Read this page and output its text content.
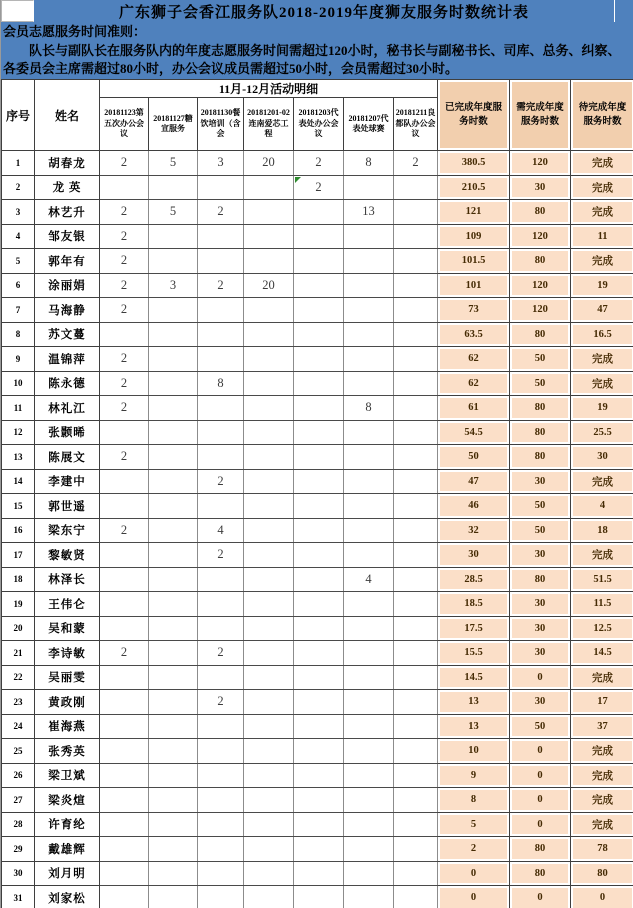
广东狮子会香江服务队2018-2019年度狮友服务时数统计表
会员志愿服务时间准则：
队长与副队长在服务队内的年度志愿服务时间需超过120小时，秘书长与副秘书长、司库、总务、纠察、各委员会主席需超过80小时，办公会议成员需超过50小时，会员需超过30小时。
序号	姓名	11月-12月活动明细							已完成年度服务时数	需完成年度服务时数	待完成年度服务时数
		20181123第五次办公会议	20181127糖宣服务	20181130餐饮培训（含会	20181201-02连南爱芯工程	20181203代表处办公会议	20181207代表处球赛	20181211良都队办公会议			
1	胡春龙	2	5	3	20	2	8	2	380.5	120	完成
2	龙 英					2			210.5	30	完成
3	林艺升	2	5	2			13		121	80	完成
4	邹友银	2							109	120	11
5	郭年有	2							101.5	80	完成
6	涂丽娟	2	3	2	20				101	120	19
7	马海静	2							73	120	47
8	苏文蔓								63.5	80	16.5
9	温锦萍	2							62	50	完成
10	陈永德	2		8					62	50	完成
11	林礼江	2					8		61	80	19
12	张颢晞								54.5	80	25.5
13	陈展文	2							50	80	30
14	李建中			2					47	30	完成
15	郭世遥								46	50	4
16	梁东宁	2		4					32	50	18
17	黎敏贤			2					30	30	完成
18	林泽长						4		28.5	80	51.5
19	王伟仑								18.5	30	11.5
20	吴和蒙								17.5	30	12.5
21	李诗敏	2		2					15.5	30	14.5
22	吴丽雯								14.5	0	完成
23	黄政刚			2					13	30	17
24	崔海燕								13	50	37
25	张秀英								10	0	完成
26	梁卫斌								9	0	完成
27	梁炎煊								8	0	完成
28	许育纶								5	0	完成
29	戴雄辉								2	80	78
30	刘月明								0	80	80
31	刘家松								0	0	0
